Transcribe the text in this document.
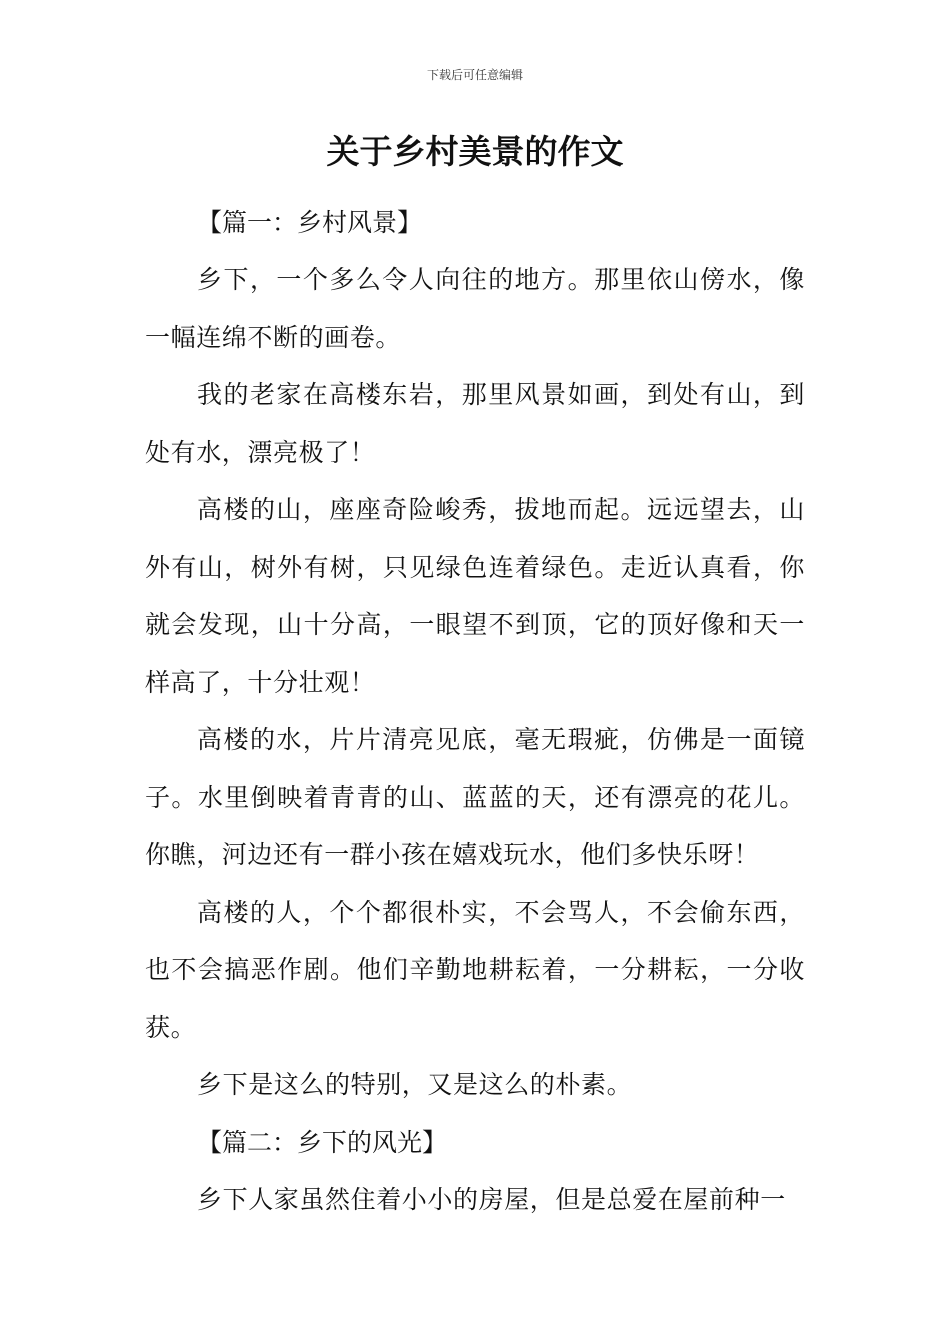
下载后可任意编辑
关于乡村美景的作文
【篇一：乡村风景】

乡下，一个多么令人向往的地方。那里依山傍水，像一幅连绵不断的画卷。

我的老家在高楼东岩，那里风景如画，到处有山，到处有水，漂亮极了！

高楼的山，座座奇险峻秀，拔地而起。远远望去，山外有山，树外有树，只见绿色连着绿色。走近认真看，你就会发现，山十分高，一眼望不到顶，它的顶好像和天一样高了，十分壮观！

高楼的水，片片清亮见底，毫无瑕疵，仿佛是一面镜子。水里倒映着青青的山、蓝蓝的天，还有漂亮的花儿。你瞧，河边还有一群小孩在嬉戏玩水，他们多快乐呀！

高楼的人，个个都很朴实，不会骂人，不会偷东西，也不会搞恶作剧。他们辛勤地耕耘着，一分耕耘，一分收获。

乡下是这么的特别，又是这么的朴素。

【篇二：乡下的风光】

乡下人家虽然住着小小的房屋，但是总爱在屋前种一
